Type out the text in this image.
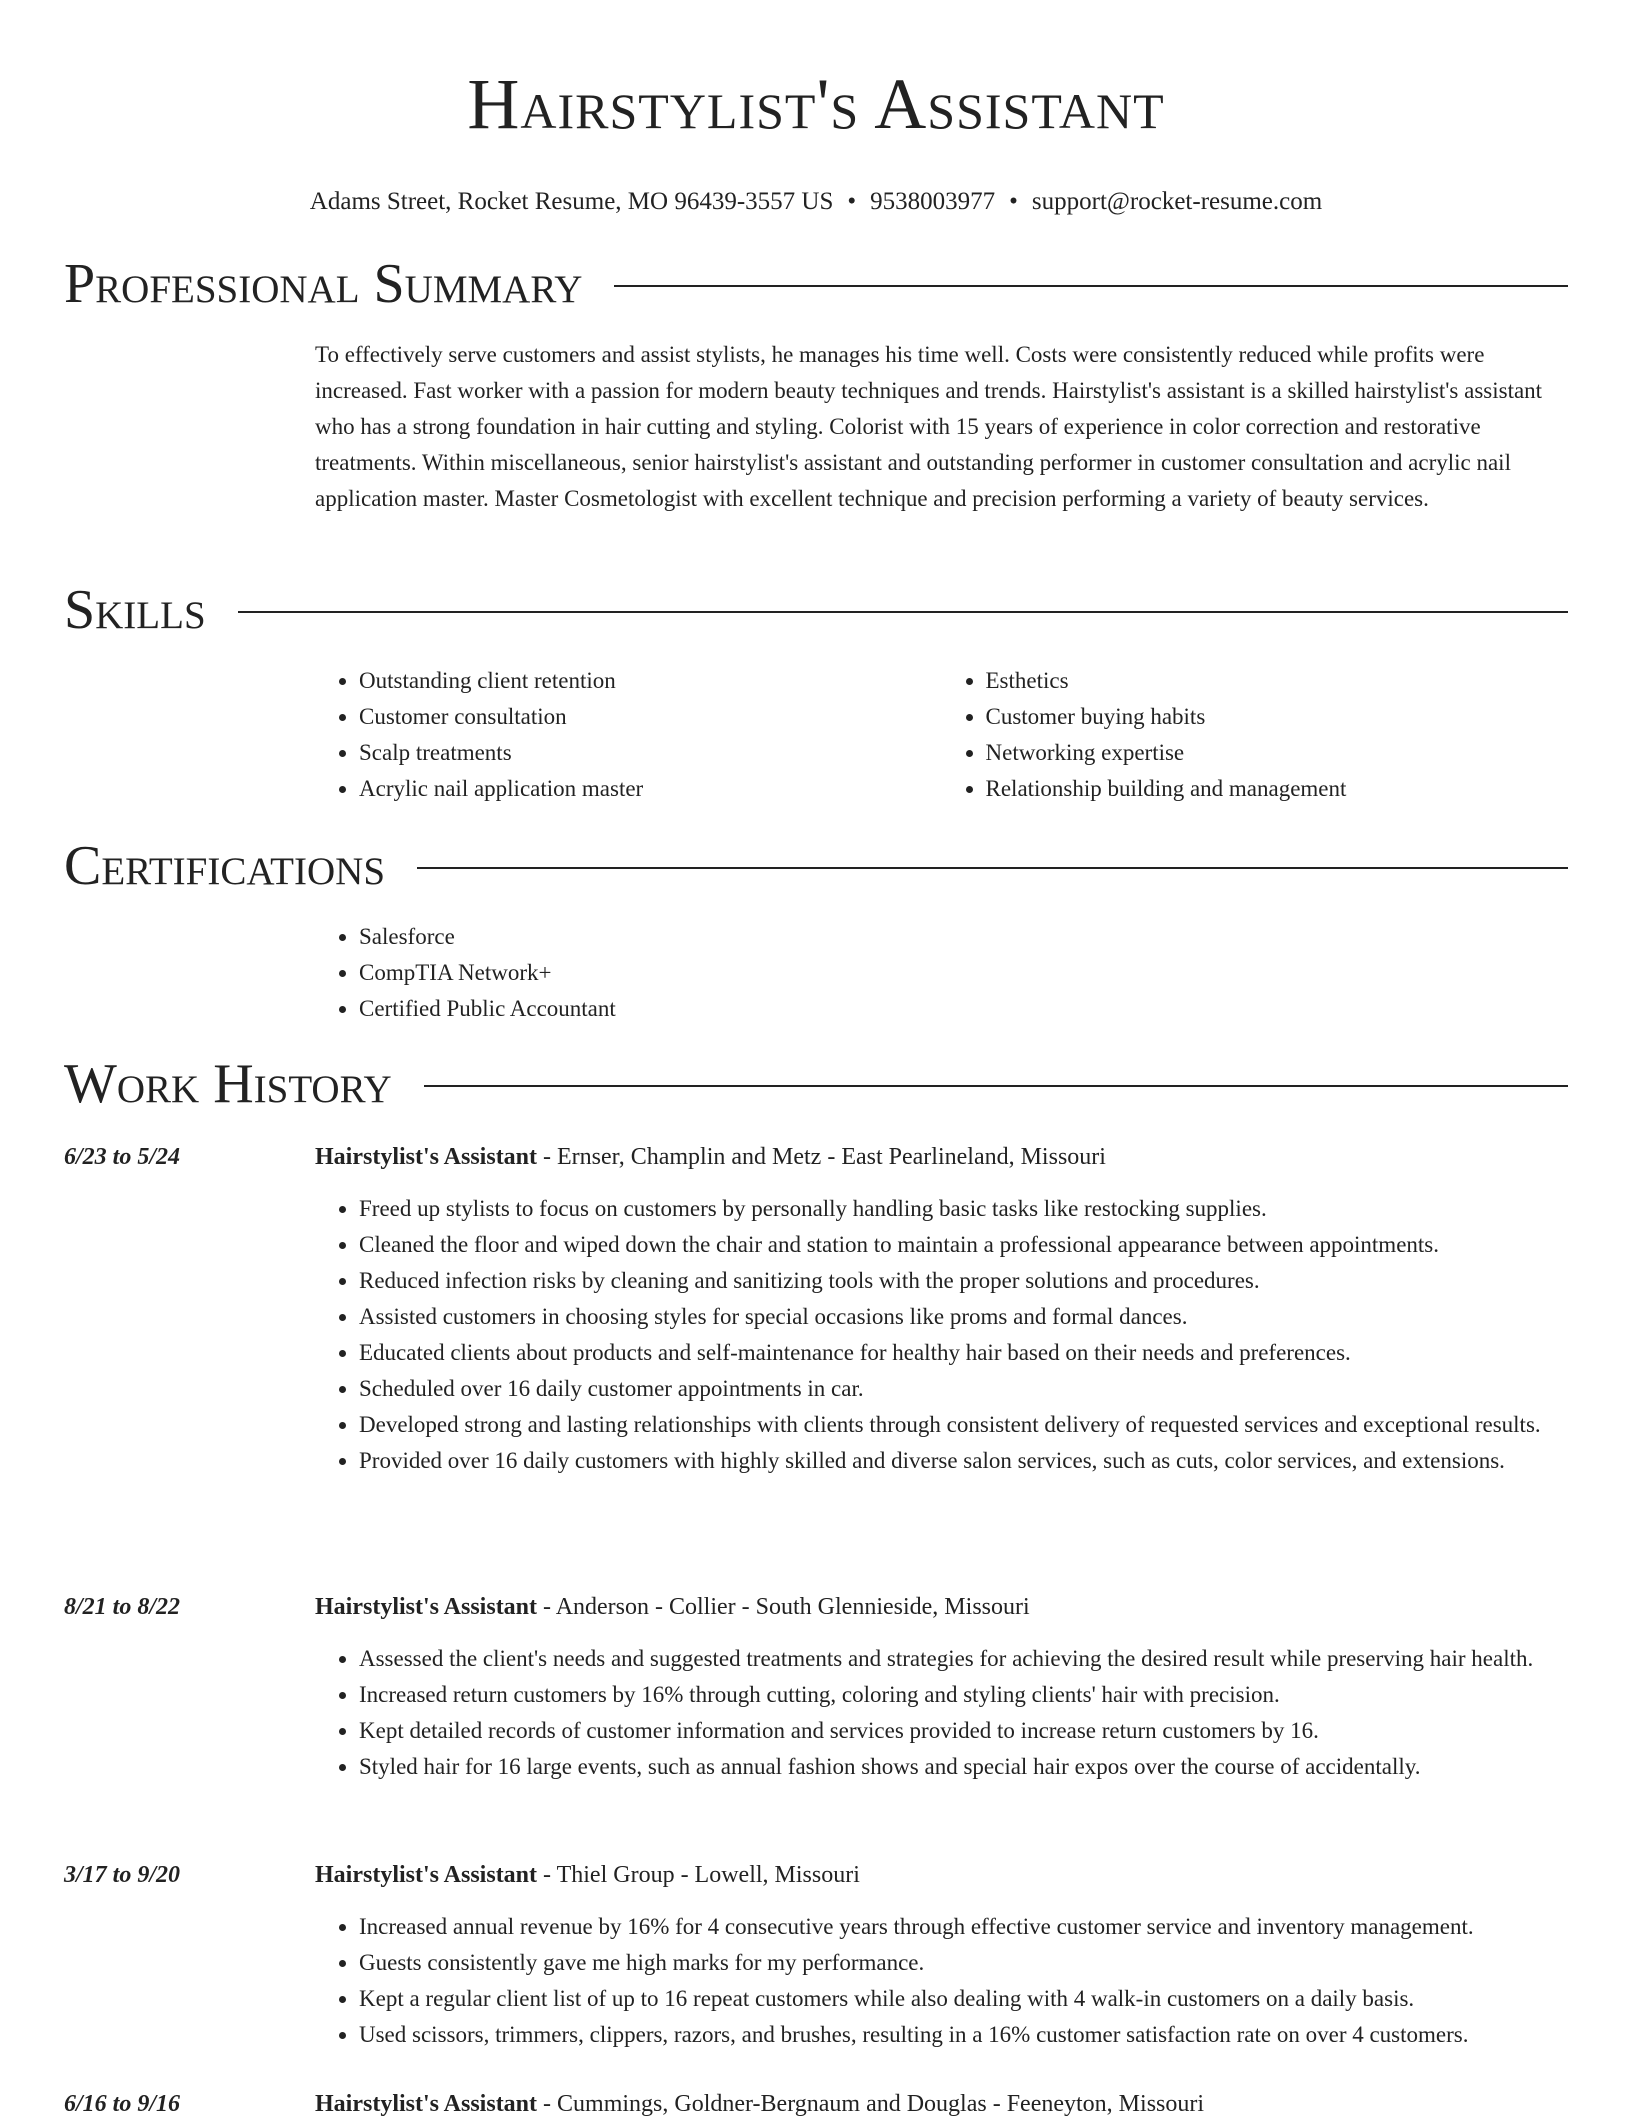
Hairstylist's Assistant
Adams Street, Rocket Resume, MO 96439-3557 US • 9538003977 • support@rocket-resume.com
Professional Summary

To effectively serve customers and assist stylists, he manages his time well. Costs were consistently reduced while profits were increased. Fast worker with a passion for modern beauty techniques and trends. Hairstylist's assistant is a skilled hairstylist's assistant who has a strong foundation in hair cutting and styling. Colorist with 15 years of experience in color correction and restorative treatments. Within miscellaneous, senior hairstylist's assistant and outstanding performer in customer consultation and acrylic nail application master. Master Cosmetologist with excellent technique and precision performing a variety of beauty services.

Skills
• Outstanding client retention
• Customer consultation
• Scalp treatments
• Acrylic nail application master
• Esthetics
• Customer buying habits
• Networking expertise
• Relationship building and management
Certifications
• Salesforce
• CompTIA Network+
• Certified Public Accountant
Work History
6/23 to 5/24	Hairstylist's Assistant - Ernser, Champlin and Metz - East Pearlineland, Missouri
• Freed up stylists to focus on customers by personally handling basic tasks like restocking supplies.
• Cleaned the floor and wiped down the chair and station to maintain a professional appearance between appointments.
• Reduced infection risks by cleaning and sanitizing tools with the proper solutions and procedures.
• Assisted customers in choosing styles for special occasions like proms and formal dances.
• Educated clients about products and self-maintenance for healthy hair based on their needs and preferences.
• Scheduled over 16 daily customer appointments in car.
• Developed strong and lasting relationships with clients through consistent delivery of requested services and exceptional results.
• Provided over 16 daily customers with highly skilled and diverse salon services, such as cuts, color services, and extensions.
8/21 to 8/22	Hairstylist's Assistant - Anderson - Collier - South Glennieside, Missouri
• Assessed the client's needs and suggested treatments and strategies for achieving the desired result while preserving hair health.
• Increased return customers by 16% through cutting, coloring and styling clients' hair with precision.
• Kept detailed records of customer information and services provided to increase return customers by 16.
• Styled hair for 16 large events, such as annual fashion shows and special hair expos over the course of accidentally.
3/17 to 9/20	Hairstylist's Assistant - Thiel Group - Lowell, Missouri
• Increased annual revenue by 16% for 4 consecutive years through effective customer service and inventory management.
• Guests consistently gave me high marks for my performance.
• Kept a regular client list of up to 16 repeat customers while also dealing with 4 walk-in customers on a daily basis.
• Used scissors, trimmers, clippers, razors, and brushes, resulting in a 16% customer satisfaction rate on over 4 customers.
6/16 to 9/16	Hairstylist's Assistant - Cummings, Goldner-Bergnaum and Douglas - Feeneyton, Missouri
